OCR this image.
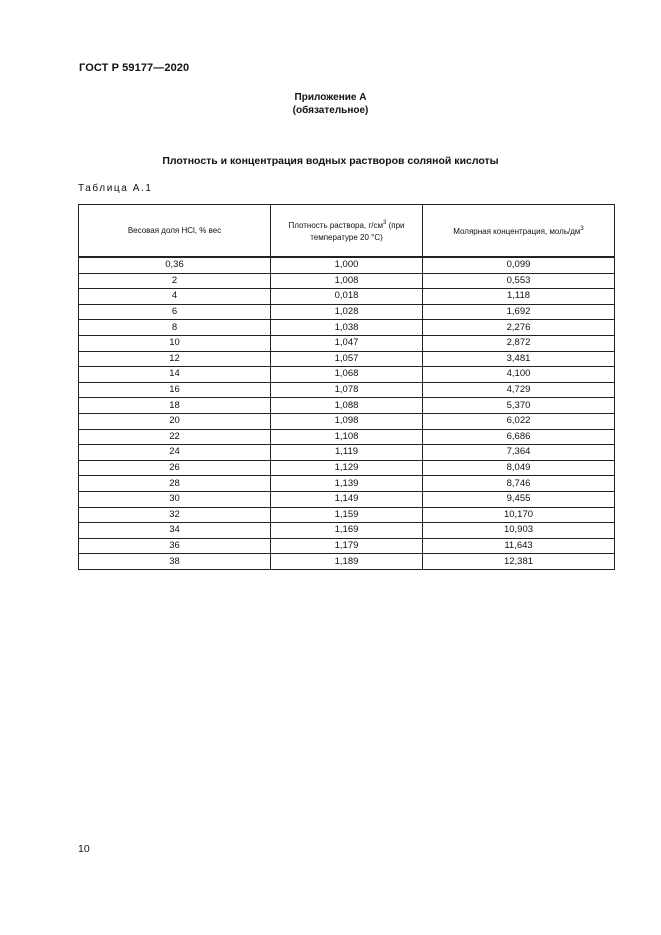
ГОСТ Р 59177—2020
Приложение А
(обязательное)
Плотность и концентрация водных растворов соляной кислоты
Таблица А.1
Весовая доля HCl, % вес	Плотность раствора, $г/см^3$ (при температуре 20 °С)	Молярная концентрация, моль/$дм^3$
0,36	1,000	0,099
2	1,008	0,553
4	0,018	1,118
6	1,028	1,692
8	1,038	2,276
10	1,047	2,872
12	1,057	3,481
14	1,068	4,100
16	1,078	4,729
18	1,088	5,370
20	1,098	6,022
22	1,108	6,686
24	1,119	7,364
26	1,129	8,049
28	1,139	8,746
30	1,149	9,455
32	1,159	10,170
34	1,169	10,903
36	1,179	11,643
38	1,189	12,381
10
